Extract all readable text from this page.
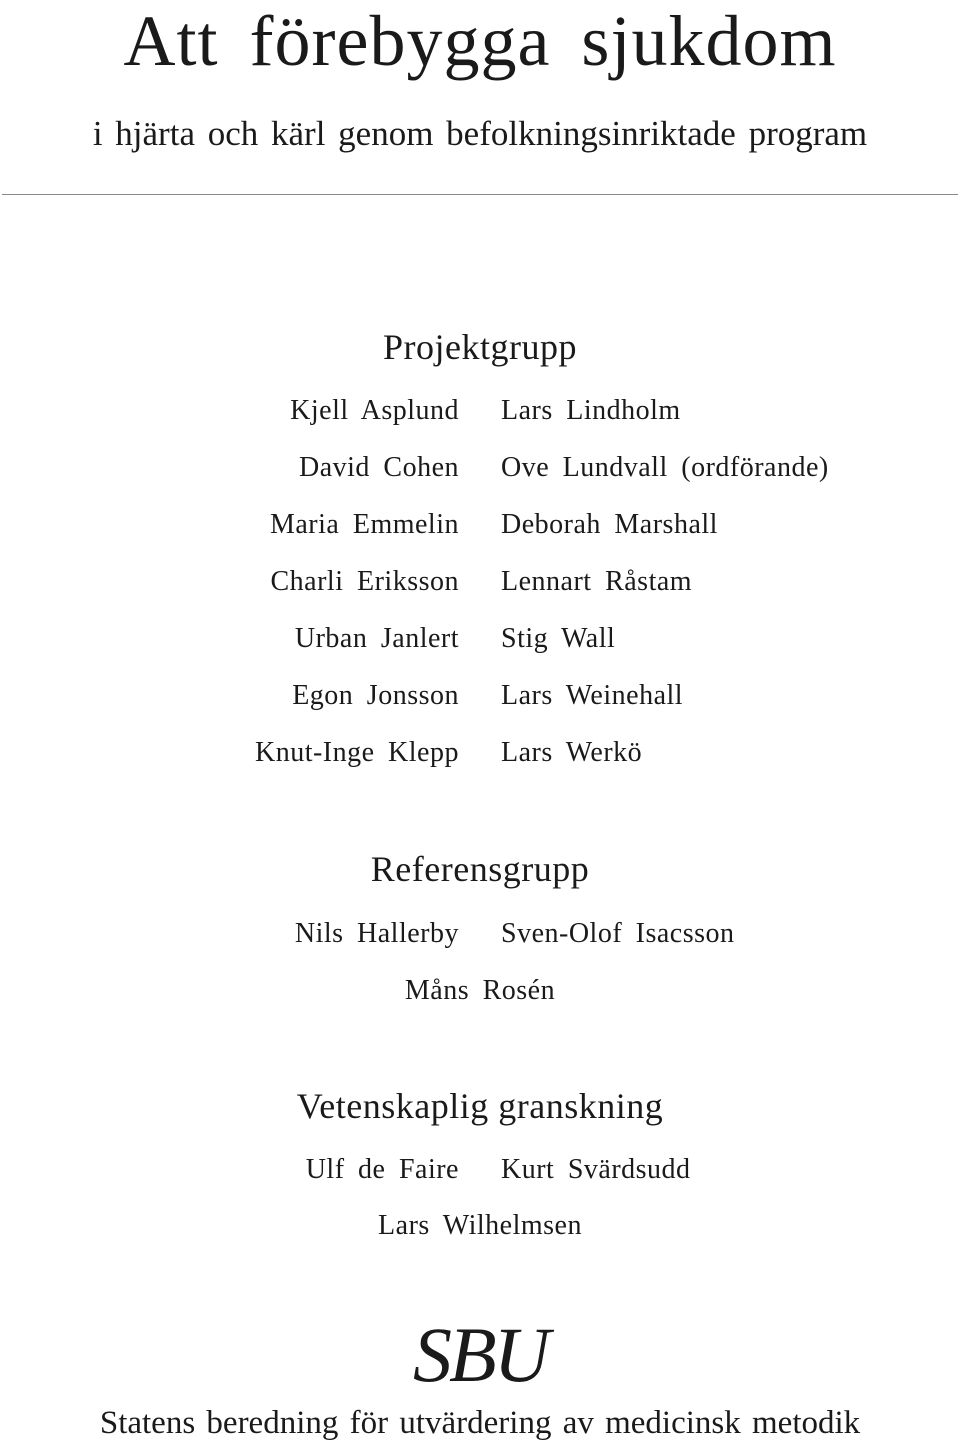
Att förebygga sjukdom
i hjärta och kärl genom befolkningsinriktade program
Projektgrupp
Kjell Asplund
David Cohen
Maria Emmelin
Charli Eriksson
Urban Janlert
Egon Jonsson
Knut-Inge Klepp
Lars Lindholm
Ove Lundvall (ordförande)
Deborah Marshall
Lennart Råstam
Stig Wall
Lars Weinehall
Lars Werkö
Referensgrupp
Nils Hallerby Sven-Olof Isacsson
Måns Rosén
Vetenskaplig granskning
Ulf de Faire Kurt Svärdsudd
Lars Wilhelmsen
SBU
Statens beredning för utvärdering av medicinsk metodik
